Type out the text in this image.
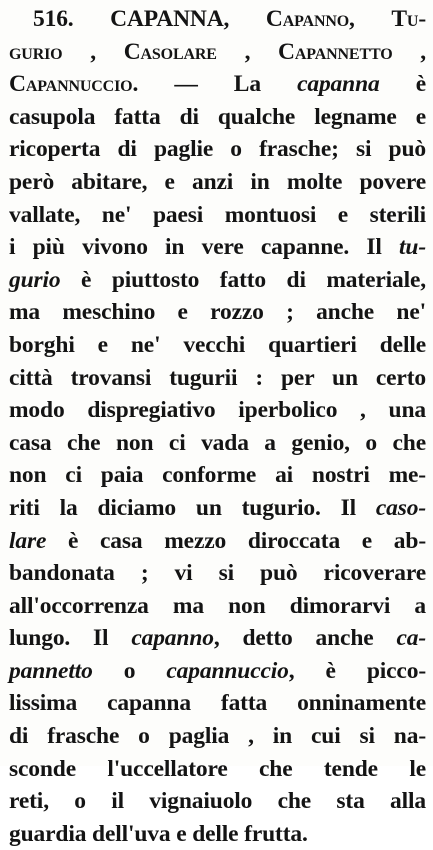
516. CAPANNA, Capanno, Tu-
gurio , Casolare , Capannetto ,
Capannuccio. — La capanna è
casupola fatta di qualche legname e
ricoperta di paglie o frasche; si può
però abitare, e anzi in molte povere
vallate, ne' paesi montuosi e sterili
i più vivono in vere capanne. Il tu-
gurio è piuttosto fatto di materiale,
ma meschino e rozzo ; anche ne'
borghi e ne' vecchi quartieri delle
città trovansi tugurii : per un certo
modo dispregiativo iperbolico , una
casa che non ci vada a genio, o che
non ci paia conforme ai nostri me-
riti la diciamo un tugurio. Il caso-
lare è casa mezzo diroccata e ab-
bandonata ; vi si può ricoverare
all'occorrenza ma non dimorarvi a
lungo. Il capanno, detto anche ca-
pannetto o capannuccio, è picco-
lissima capanna fatta onninamente
di frasche o paglia , in cui si na-
sconde l'uccellatore che tende le
reti, o il vignaiuolo che sta alla
guardia dell'uva e delle frutta.
